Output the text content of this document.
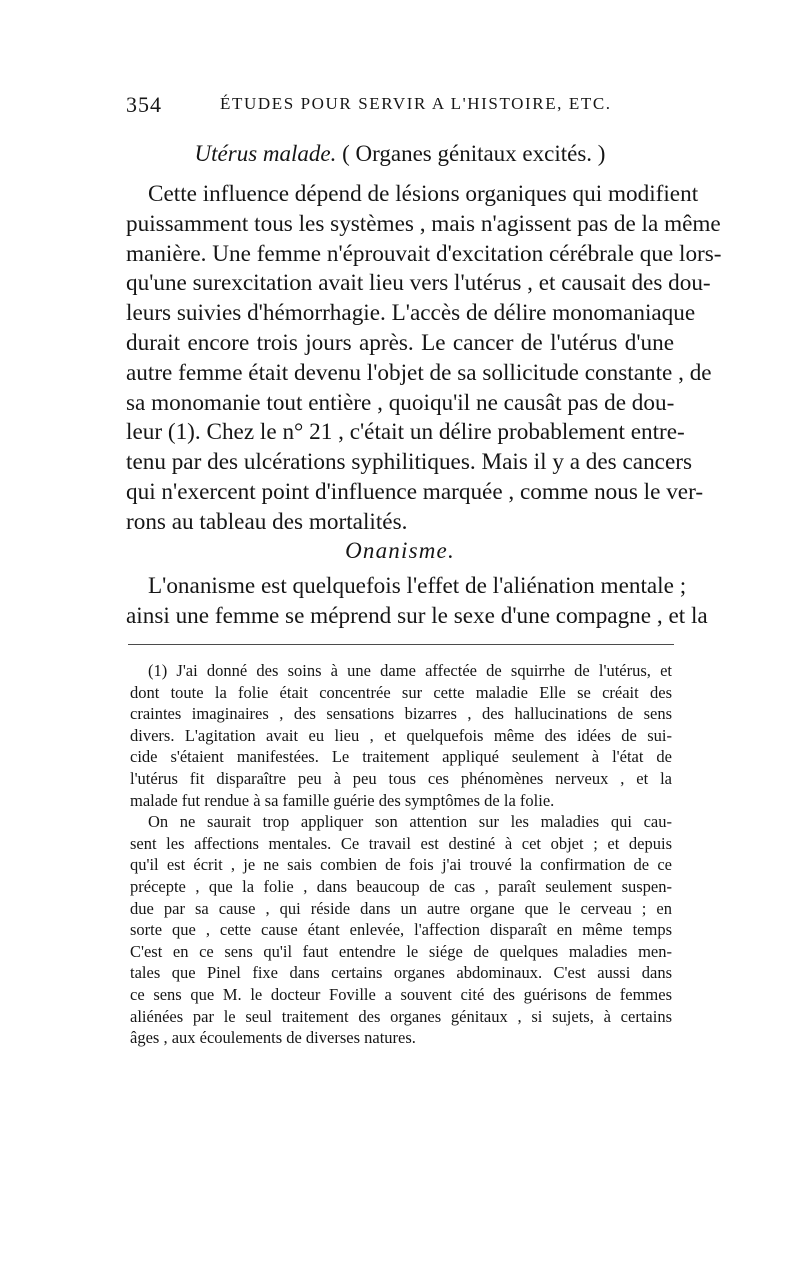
354	ÉTUDES POUR SERVIR A L'HISTOIRE, ETC.
Utérus malade. ( Organes génitaux excités. )
Cette influence dépend de lésions organiques qui modifient
puissamment tous les systèmes , mais n'agissent pas de la même
manière. Une femme n'éprouvait d'excitation cérébrale que lors-
qu'une surexcitation avait lieu vers l'utérus , et causait des dou-
leurs suivies d'hémorrhagie. L'accès de délire monomaniaque
durait encore trois jours après. Le cancer de l'utérus d'une
autre femme était devenu l'objet de sa sollicitude constante , de
sa monomanie tout entière , quoiqu'il ne causât pas de dou-
leur (1). Chez le n° 21 , c'était un délire probablement entre-
tenu par des ulcérations syphilitiques. Mais il y a des cancers
qui n'exercent point d'influence marquée , comme nous le ver-
rons au tableau des mortalités.
Onanisme.
L'onanisme est quelquefois l'effet de l'aliénation mentale ;
ainsi une femme se méprend sur le sexe d'une compagne , et la
(1) J'ai donné des soins à une dame affectée de squirrhe de l'utérus, et
dont toute la folie était concentrée sur cette maladie Elle se créait des
craintes imaginaires , des sensations bizarres , des hallucinations de sens
divers. L'agitation avait eu lieu , et quelquefois même des idées de sui-
cide s'étaient manifestées. Le traitement appliqué seulement à l'état de
l'utérus fit disparaître peu à peu tous ces phénomènes nerveux , et la
malade fut rendue à sa famille guérie des symptômes de la folie.
On ne saurait trop appliquer son attention sur les maladies qui cau-
sent les affections mentales. Ce travail est destiné à cet objet ; et depuis
qu'il est écrit , je ne sais combien de fois j'ai trouvé la confirmation de ce
précepte , que la folie , dans beaucoup de cas , paraît seulement suspen-
due par sa cause , qui réside dans un autre organe que le cerveau ; en
sorte que , cette cause étant enlevée, l'affection disparaît en même temps
C'est en ce sens qu'il faut entendre le siége de quelques maladies men-
tales que Pinel fixe dans certains organes abdominaux. C'est aussi dans
ce sens que M. le docteur Foville a souvent cité des guérisons de femmes
aliénées par le seul traitement des organes génitaux , si sujets, à certains
âges , aux écoulements de diverses natures.
